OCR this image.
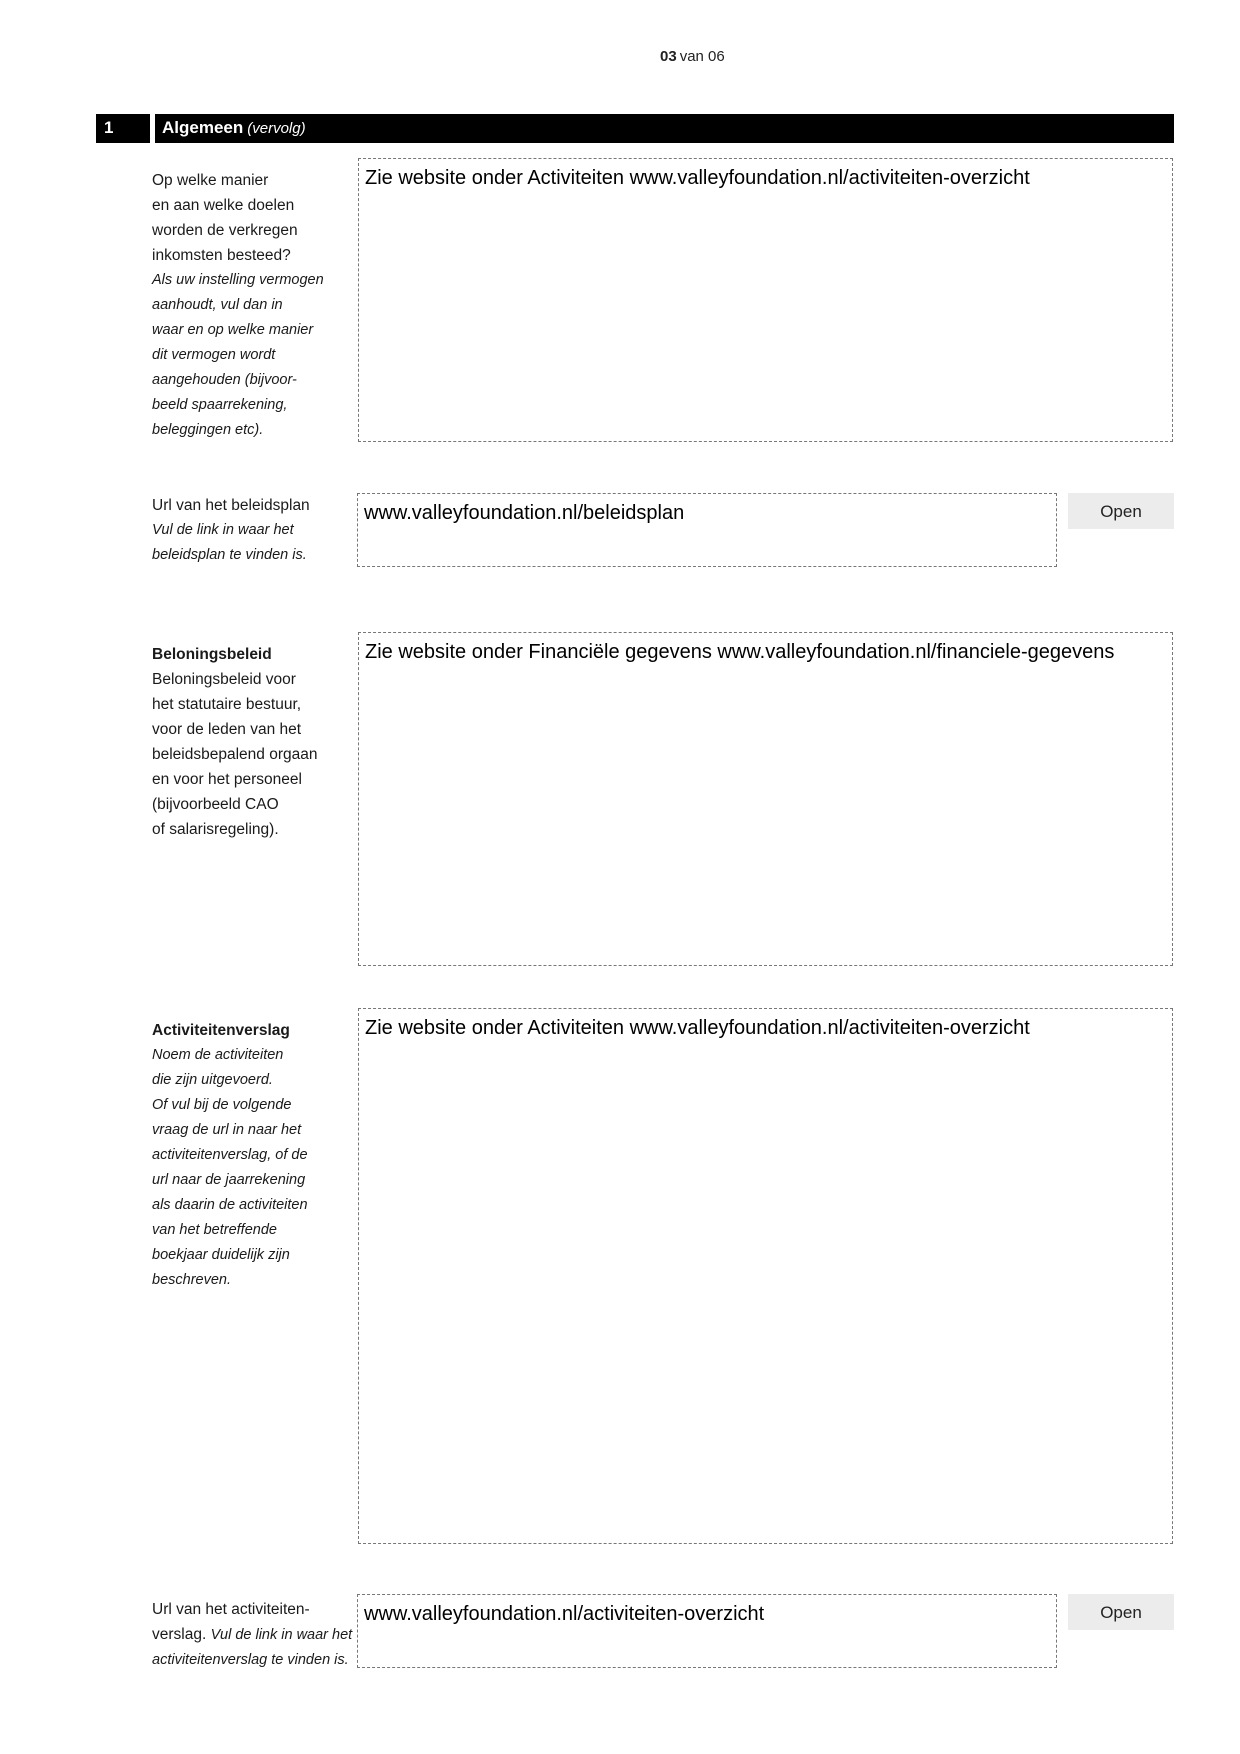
03 van 06
1	Algemeen (vervolg)
Op welke manier
en aan welke doelen
worden de verkregen
inkomsten besteed?
Als uw instelling vermogen
aanhoudt, vul dan in
waar en op welke manier
dit vermogen wordt
aangehouden (bijvoor-
beeld spaarrekening,
beleggingen etc).
Zie website onder Activiteiten www.valleyfoundation.nl/activiteiten-overzicht
Url van het beleidsplan
Vul de link in waar het
beleidsplan te vinden is.
www.valleyfoundation.nl/beleidsplan	Open
Beloningsbeleid
Beloningsbeleid voor
het statutaire bestuur,
voor de leden van het
beleidsbepalend orgaan
en voor het personeel
(bijvoorbeeld CAO
of salarisregeling).
Zie website onder Financiële gegevens www.valleyfoundation.nl/financiele-gegevens
Activiteitenverslag
Noem de activiteiten
die zijn uitgevoerd.
Of vul bij de volgende
vraag de url in naar het
activiteitenverslag, of de
url naar de jaarrekening
als daarin de activiteiten
van het betreffende
boekjaar duidelijk zijn
beschreven.
Zie website onder Activiteiten www.valleyfoundation.nl/activiteiten-overzicht
Url van het activiteiten-
verslag. Vul de link in waar het
activiteitenverslag te vinden is.
www.valleyfoundation.nl/activiteiten-overzicht	Open
